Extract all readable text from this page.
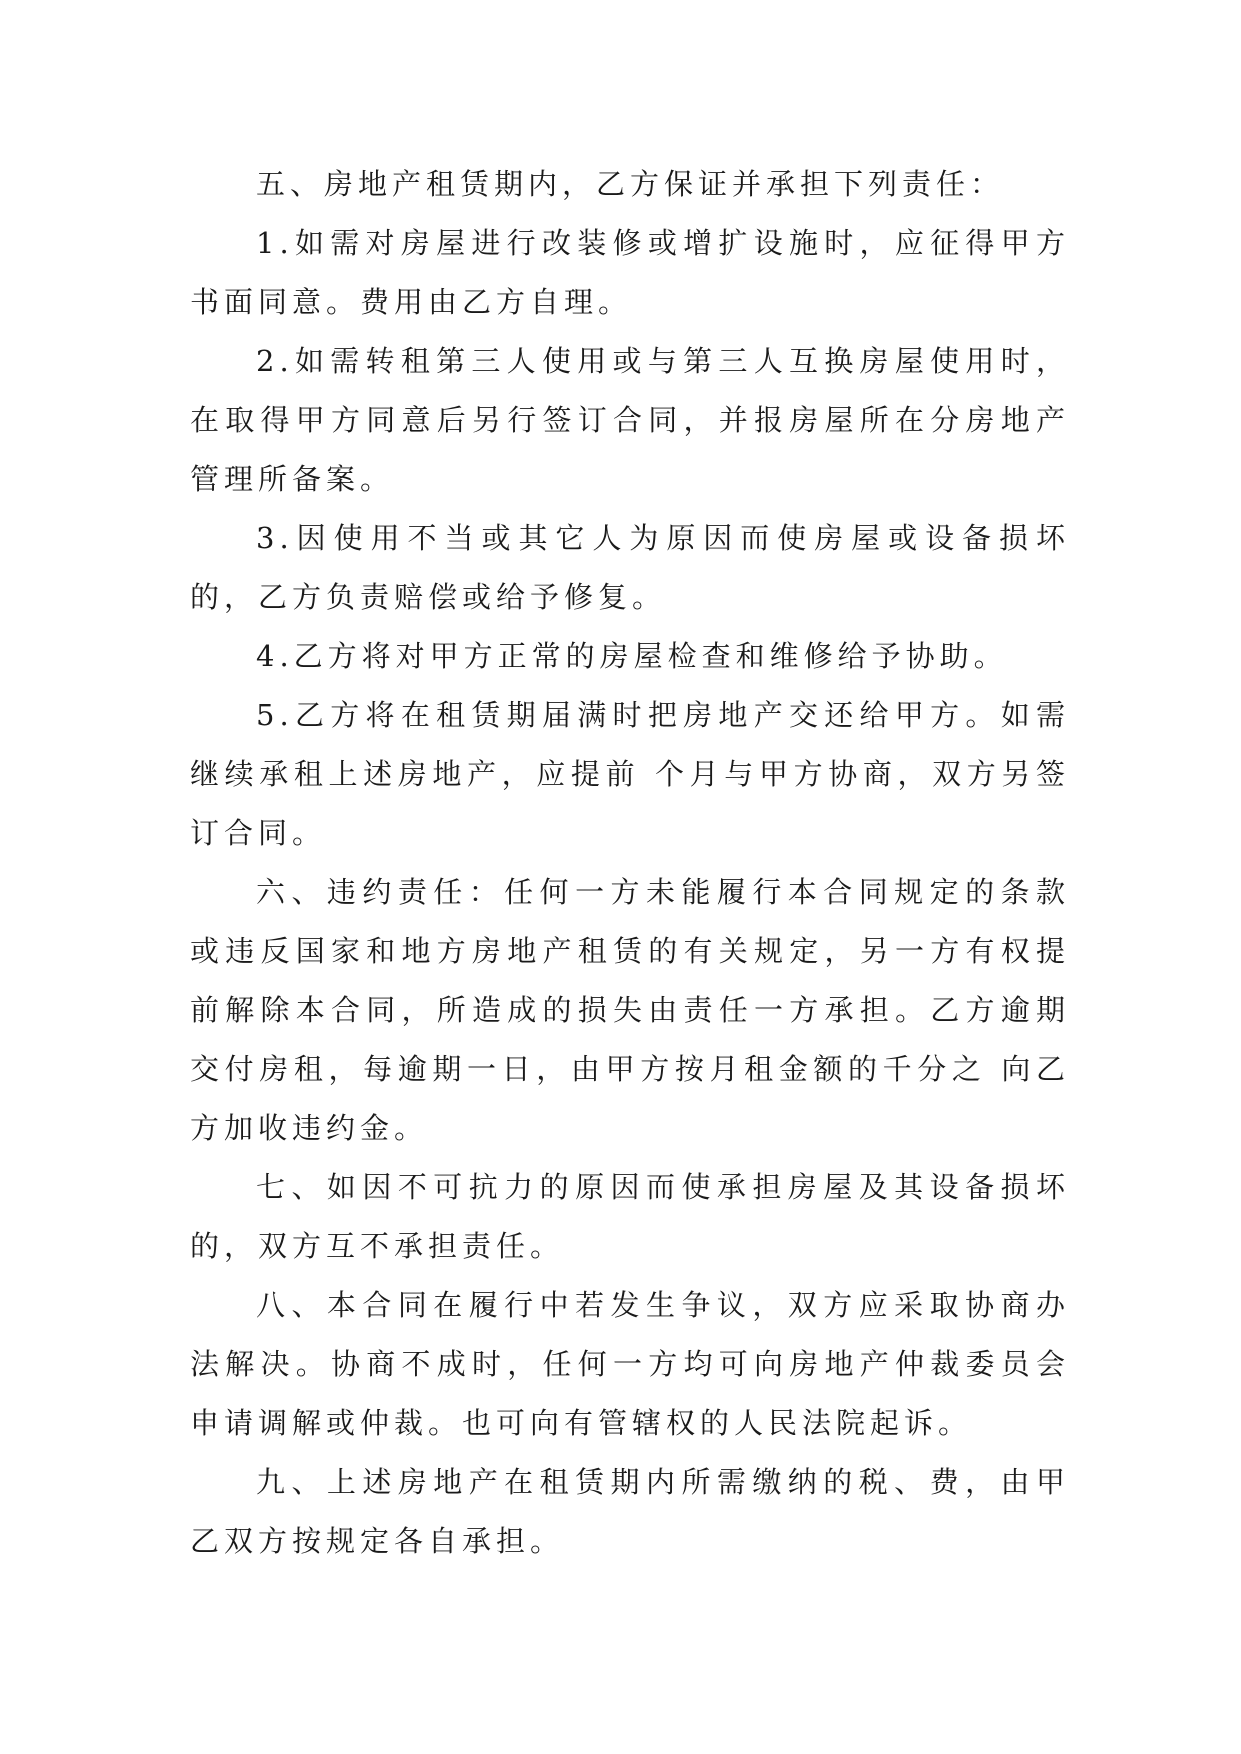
五、房地产租赁期内，乙方保证并承担下列责任：

1.如需对房屋进行改装修或增扩设施时，应征得甲方书面同意。费用由乙方自理。

2.如需转租第三人使用或与第三人互换房屋使用时，在取得甲方同意后另行签订合同，并报房屋所在分房地产管理所备案。

3.因使用不当或其它人为原因而使房屋或设备损坏的，乙方负责赔偿或给予修复。

4.乙方将对甲方正常的房屋检查和维修给予协助。

5.乙方将在租赁期届满时把房地产交还给甲方。如需继续承租上述房地产，应提前 个月与甲方协商，双方另签订合同。

六、违约责任：任何一方未能履行本合同规定的条款或违反国家和地方房地产租赁的有关规定，另一方有权提前解除本合同，所造成的损失由责任一方承担。乙方逾期交付房租，每逾期一日，由甲方按月租金额的千分之 向乙方加收违约金。

七、如因不可抗力的原因而使承担房屋及其设备损坏的，双方互不承担责任。

八、本合同在履行中若发生争议，双方应采取协商办法解决。协商不成时，任何一方均可向房地产仲裁委员会申请调解或仲裁。也可向有管辖权的人民法院起诉。

九、上述房地产在租赁期内所需缴纳的税、费，由甲乙双方按规定各自承担。
